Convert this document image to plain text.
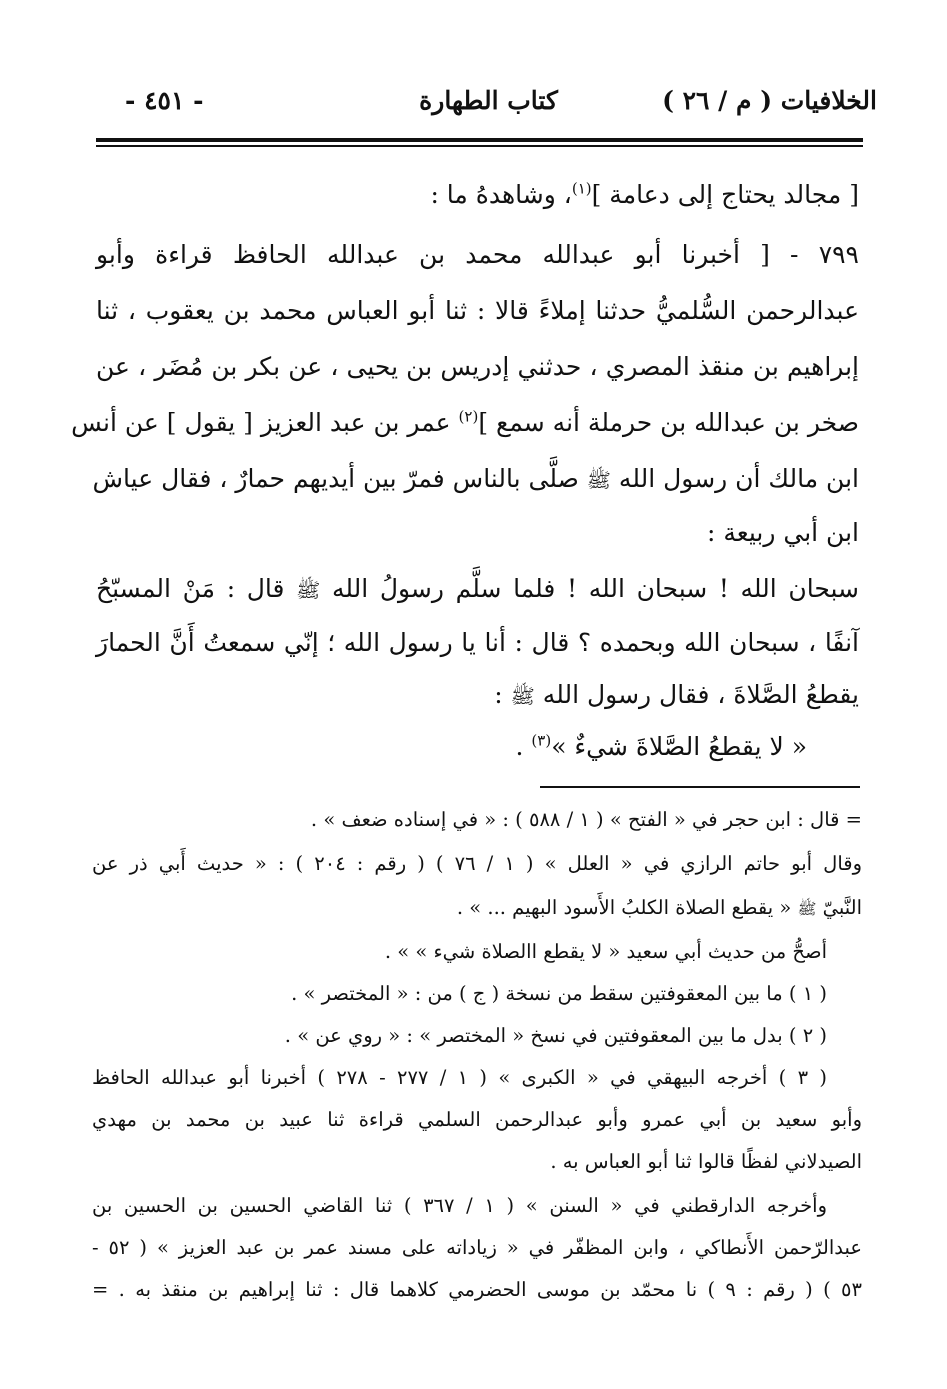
الخلافيات ( م / ٢٦ )
كتاب الطهارة
- ٤٥١ -
[ مجالد يحتاج إلى دعامة ]$^{(١)}$، وشاهدهُ ما :
٧٩٩ - [ أخبرنا أبو عبدالله محمد بن عبدالله الحافظ قراءة وأبو
عبدالرحمن السُّلميُّ حدثنا إملاءً قالا : ثنا أبو العباس محمد بن يعقوب ، ثنا
إبراهيم بن منقذ المصري ، حدثني إدريس بن يحيى ، عن بكر بن مُضَر ، عن
صخر بن عبدالله بن حرملة أنه سمع ]$^{(٢)}$ عمر بن عبد العزيز [ يقول ] عن أنس
ابن مالك أن رسول الله ﷺ صلَّى بالناس فمرّ بين أيديهم حمارٌ ، فقال عياش
ابن أبي ربيعة :
سبحان الله ! سبحان الله ! فلما سلَّم رسولُ الله ﷺ قال : مَنْ المسبّحُ
آنفًا ، سبحان الله وبحمده ؟ قال : أنا يا رسول الله ؛ إنّي سمعتُ أَنَّ الحمارَ
يقطعُ الصَّلاةَ ، فقال رسول الله ﷺ :
« لا يقطعُ الصَّلاةَ شيءٌ »$^{(٣)}$ .
= قال : ابن حجر في « الفتح » ( ١ / ٥٨٨ ) : « في إسناده ضعف » .
وقال أبو حاتم الرازي في « العلل » ( ١ / ٧٦ ) ( رقم : ٢٠٤ ) : « حديث أَبي ذر عن
النَّبيّ ﷺ « يقطع الصلاة الكلبُ الأَسود البهيم ... » .
أصحُّ من حديث أبي سعيد « لا يقطع االصلاة شيء » » .
( ١ ) ما بين المعقوفتين سقط من نسخة ( ج ) من : « المختصر » .
( ٢ ) بدل ما بين المعقوفتين في نسخ « المختصر » : « روي عن » .
( ٣ ) أخرجه البيهقي في « الكبرى » ( ١ / ٢٧٧ - ٢٧٨ ) أخبرنا أبو عبدالله الحافظ
وأبو سعيد بن أبي عمرو وأبو عبدالرحمن السلمي قراءة ثنا عبيد بن محمد بن مهدي
الصيدلاني لفظًا قالوا ثنا أبو العباس به .
وأخرجه الدارقطني في « السنن » ( ١ / ٣٦٧ ) ثنا القاضي الحسين بن الحسين بن
عبدالرّحمن الأَنطاكي ، وابن المظفّر في « زياداته على مسند عمر بن عبد العزيز » ( ٥٢ -
٥٣ ) ( رقم : ٩ ) نا محمّد بن موسى الحضرمي كلاهما قال : ثنا إبراهيم بن منقذ به . =
